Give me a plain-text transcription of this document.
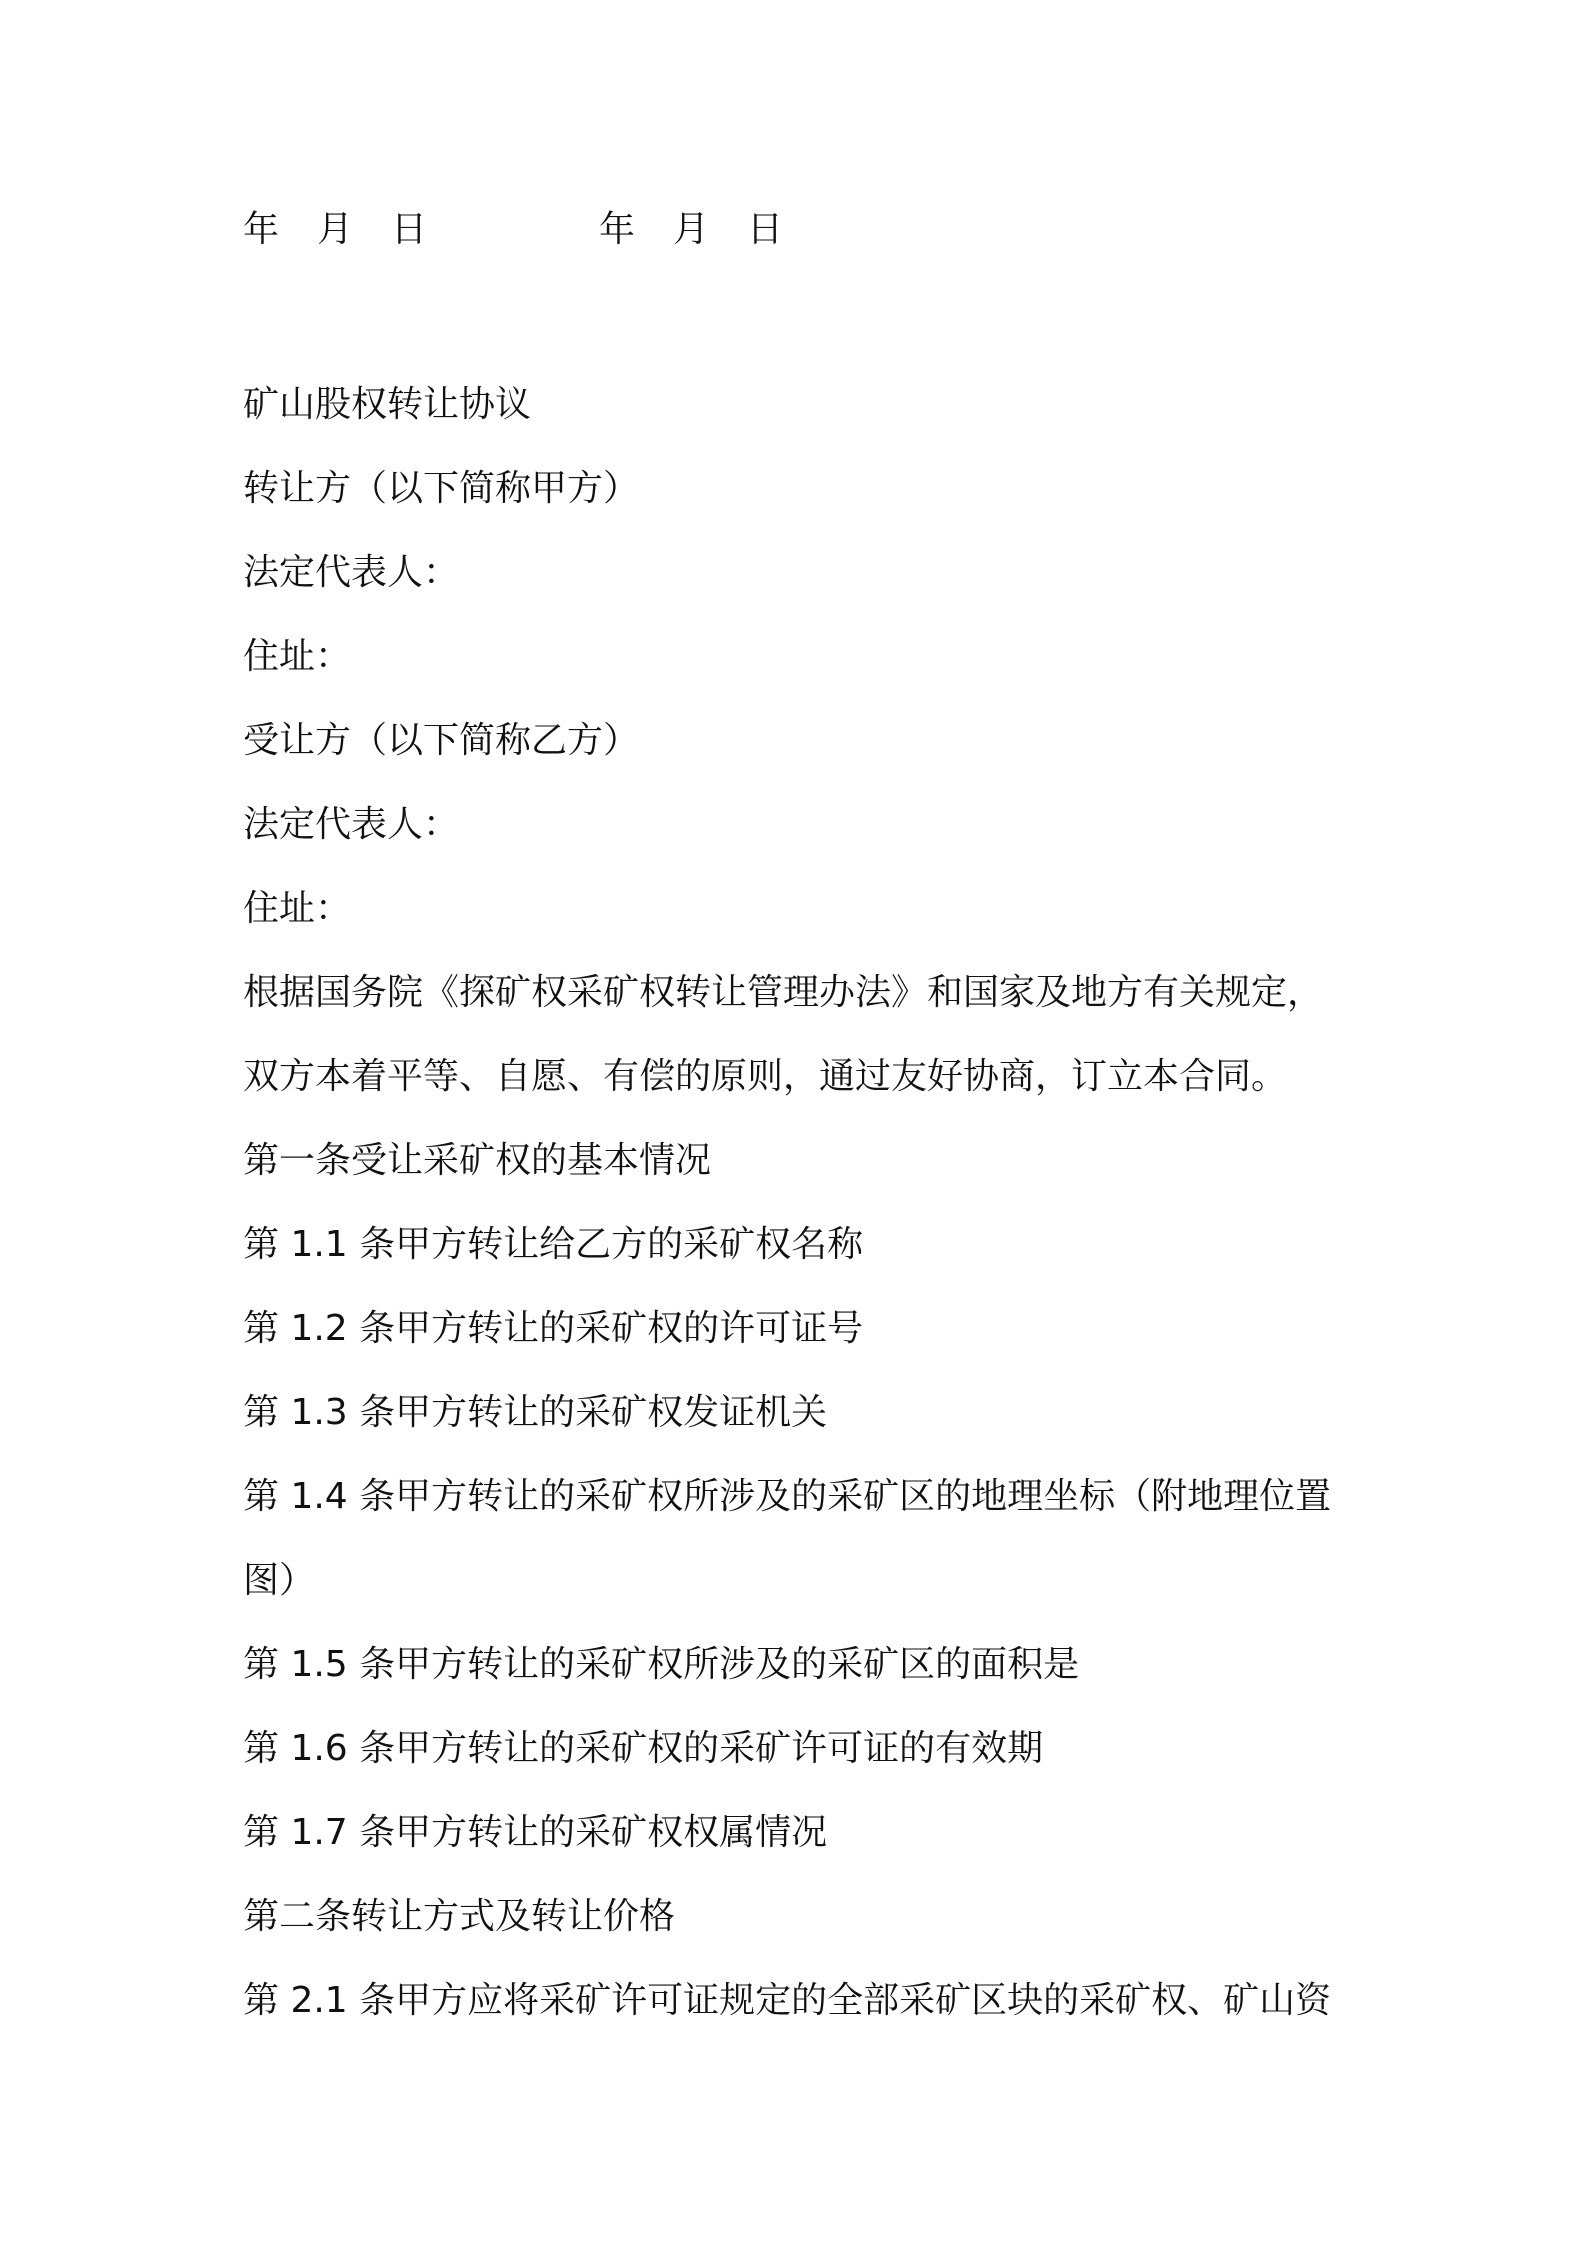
年	月	日	年	月	日
矿山股权转让协议
转让方（以下简称甲方）
法定代表人：
住址：
受让方（以下简称乙方）
法定代表人：
住址：
根据国务院《探矿权采矿权转让管理办法》和国家及地方有关规定，
双方本着平等、自愿、有偿的原则，通过友好协商，订立本合同。
第一条受让采矿权的基本情况
第 1.1 条甲方转让给乙方的采矿权名称
第 1.2 条甲方转让的采矿权的许可证号
第 1.3 条甲方转让的采矿权发证机关
第 1.4 条甲方转让的采矿权所涉及的采矿区的地理坐标（附地理位置
图）
第 1.5 条甲方转让的采矿权所涉及的采矿区的面积是
第 1.6 条甲方转让的采矿权的采矿许可证的有效期
第 1.7 条甲方转让的采矿权权属情况
第二条转让方式及转让价格
第 2.1 条甲方应将采矿许可证规定的全部采矿区块的采矿权、矿山资
